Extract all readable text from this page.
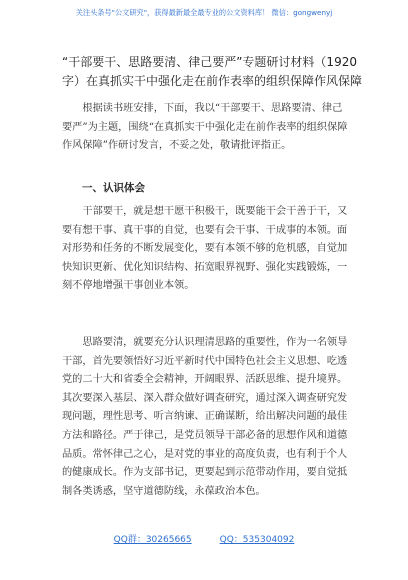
关注头条号"公文研究"，获得最新最全最专业的公文资料库！ 微信：gongwenyj

“干部要干、思路要清、律己要严”专题研讨材料（1920字）在真抓实干中强化走在前作表率的组织保障作风保障

根据读书班安排，下面，我以“干部要干、思路要清、律己要严”为主题，围绕“在真抓实干中强化走在前作表率的组织保障作风保障”作研讨发言，不妥之处，敬请批评指正。

一、认识体会

干部要干，就是想干愿干积极干，既要能干会干善于干，又要有想干事、真干事的自觉，也要有会干事、干成事的本领。面对形势和任务的不断发展变化，要有本领不够的危机感，自觉加快知识更新、优化知识结构、拓宽眼界视野、强化实践锻炼，一刻不停地增强干事创业本领。

思路要清，就要充分认识理清思路的重要性，作为一名领导干部，首先要领悟好习近平新时代中国特色社会主义思想、吃透党的二十大和省委全会精神，开阔眼界、活跃思维、提升境界。其次要深入基层、深入群众做好调查研究，通过深入调查研究发现问题，理性思考、听言纳谏、正确谋断，给出解决问题的最佳方法和路径。严于律己，是党员领导干部必备的思想作风和道德品质。常怀律己之心，是对党的事业的高度负责，也有利于个人的健康成长。作为支部书记，更要起到示范带动作用，要自觉抵制各类诱惑，坚守道德防线，永葆政治本色。

QQ群：30265665	QQ：535304092
